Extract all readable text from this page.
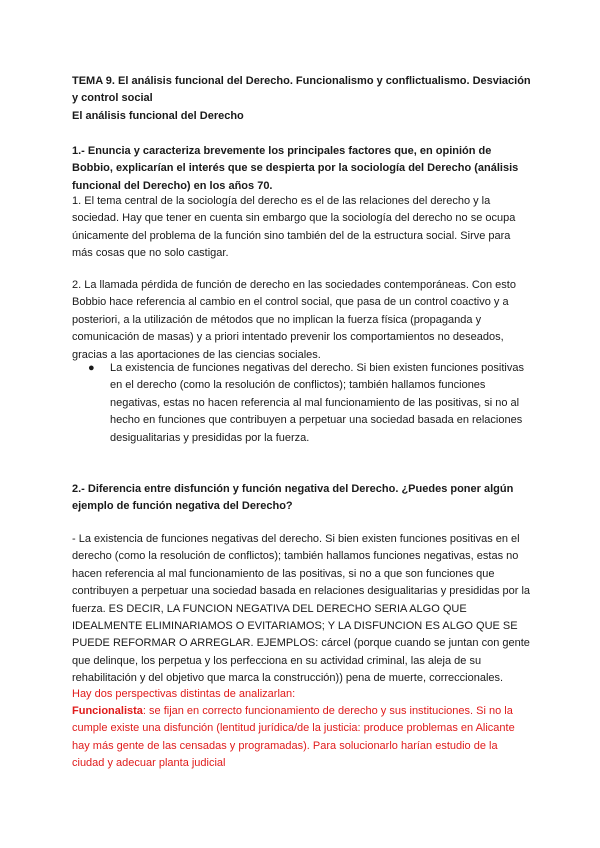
TEMA 9. El análisis funcional del Derecho. Funcionalismo y conflictualismo. Desviación y control social
El análisis funcional del Derecho

1.- Enuncia y caracteriza brevemente los principales factores que, en opinión de Bobbio, explicarían el interés que se despierta por la sociología del Derecho (análisis funcional del Derecho) en los años 70.

1. El tema central de la sociología del derecho es el de las relaciones del derecho y la sociedad. Hay que tener en cuenta sin embargo que la sociología del derecho no se ocupa únicamente del problema de la función sino también del de la estructura social. Sirve para más cosas que no solo castigar.

2. La llamada pérdida de función de derecho en las sociedades contemporáneas. Con esto Bobbio hace referencia al cambio en el control social, que pasa de un control coactivo y a posteriori, a la utilización de métodos que no implican la fuerza física (propaganda y comunicación de masas) y a priori intentado prevenir los comportamientos no deseados, gracias a las aportaciones de las ciencias sociales.

● La existencia de funciones negativas del derecho. Si bien existen funciones positivas en el derecho (como la resolución de conflictos); también hallamos funciones negativas, estas no hacen referencia al mal funcionamiento de las positivas, si no al hecho en funciones que contribuyen a perpetuar una sociedad basada en relaciones desigualitarias y presididas por la fuerza.

2.- Diferencia entre disfunción y función negativa del Derecho. ¿Puedes poner algún ejemplo de función negativa del Derecho?

- La existencia de funciones negativas del derecho. Si bien existen funciones positivas en el derecho (como la resolución de conflictos); también hallamos funciones negativas, estas no hacen referencia al mal funcionamiento de las positivas, si no a que son funciones que contribuyen a perpetuar una sociedad basada en relaciones desigualitarias y presididas por la fuerza. ES DECIR, LA FUNCION NEGATIVA DEL DERECHO SERIA ALGO QUE IDEALMENTE ELIMINARIAMOS O EVITARIAMOS; Y LA DISFUNCION ES ALGO QUE SE PUEDE REFORMAR O ARREGLAR. EJEMPLOS: cárcel (porque cuando se juntan con gente que delinque, los perpetua y los perfecciona en su actividad criminal, las aleja de su rehabilitación y del objetivo que marca la construcción)) pena de muerte, correccionales.

Hay dos perspectivas distintas de analizarlan:

Funcionalista: se fijan en correcto funcionamiento de derecho y sus instituciones. Si no la cumple existe una disfunción (lentitud jurídica/de la justicia: produce problemas en Alicante hay más gente de las censadas y programadas). Para solucionarlo harían estudio de la ciudad y adecuar planta judicial
